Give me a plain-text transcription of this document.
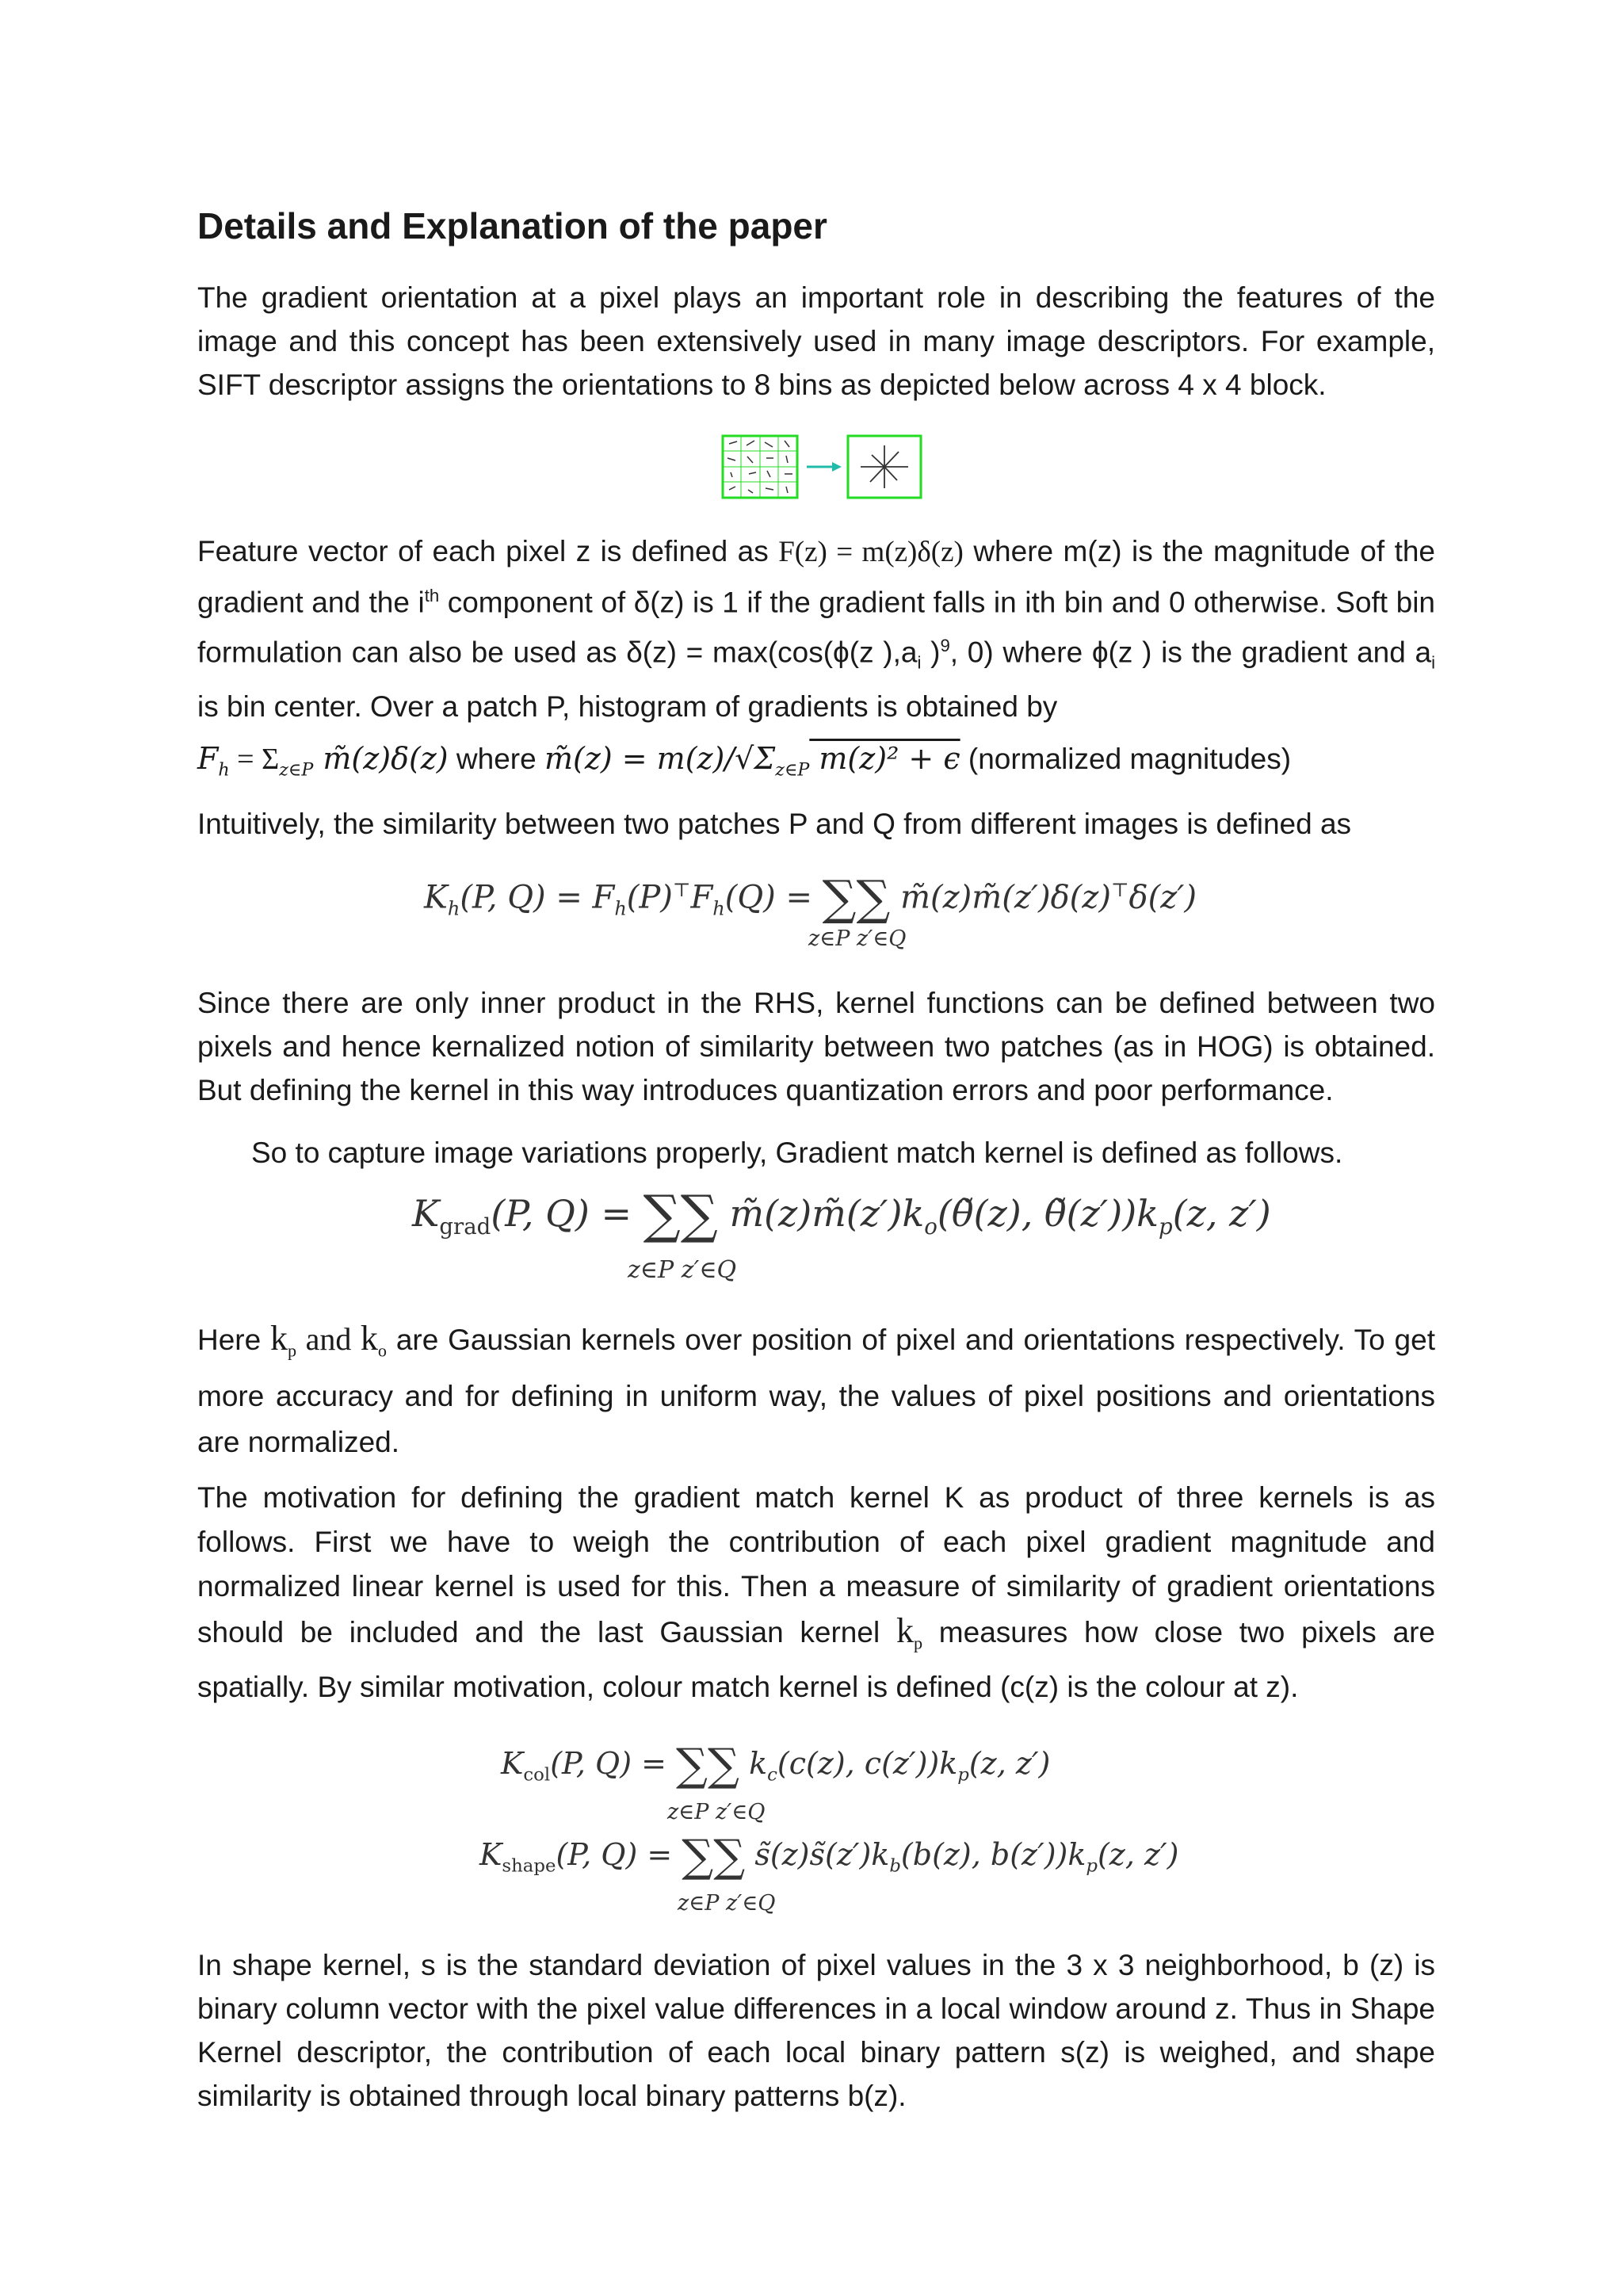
Details and Explanation of the paper

The gradient orientation at a pixel plays an important role in describing the features of the image and this concept has been extensively used in many image descriptors. For example, SIFT descriptor assigns the orientations to 8 bins as depicted below across 4 x 4 block.

Feature vector of each pixel z is defined as F(z) = m(z)δ(z) where m(z) is the magnitude of the gradient and the $i^{th}$ component of δ(z) is 1 if the gradient falls in ith bin and 0 otherwise. Soft bin formulation can also be used as δ(z) = max(cos(ϕ(z )$,a_i$ )$^9$, 0) where ϕ(z ) is the gradient and $a_i$ is bin center. Over a patch P, histogram of gradients is obtained by

$F_h = \Sigma_{z\in P}$ m̃(z)δ(z) where m̃(z) = $m(z)/√\Sigma_{z\in P}$ m(z)² + ϵ (normalized magnitudes)

Intuitively, the similarity between two patches P and Q from different images is defined as

$K_h(P$, $Q) = F_h(P)^⊤F_h(Q)$ = ∑∑ m̃(z)m̃(z′)δ(z)⊤δ(z′)
z∈P z′∈Q

Since there are only inner product in the RHS, kernel functions can be defined between two pixels and hence kernalized notion of similarity between two patches (as in HOG) is obtained. But defining the kernel in this way introduces quantization errors and poor performance.

So to capture image variations properly, Gradient match kernel is defined as follows.

$K_{grad}(P$, Q) = ∑∑ $m̃(z)m̃(z')k_o(\thetã(z)$, $\thetã(z'))k_p(z$, z′)
z∈P z′∈Q

Here $k_p$ and $k_o$ are Gaussian kernels over position of pixel and orientations respectively. To get more accuracy and for defining in uniform way, the values of pixel positions and orientations are normalized.

The motivation for defining the gradient match kernel K as product of three kernels is as follows. First we have to weigh the contribution of each pixel gradient magnitude and normalized linear kernel is used for this. Then a measure of similarity of gradient orientations should be included and the last Gaussian kernel $k_p$ measures how close two pixels are spatially. By similar motivation, colour match kernel is defined (c(z) is the colour at z).

$K_{col}(P$, Q) = ∑∑ $k_c(c(z)$, $c(z'))k_p(z$, z′)
z∈P z′∈Q
$K_{shape}(P$, Q) = ∑∑ $s̃(z)s̃(z')k_b(b(z)$, $b(z'))k_p(z$, z′)
z∈P z′∈Q

In shape kernel, s is the standard deviation of pixel values in the 3 x 3 neighborhood, b (z) is binary column vector with the pixel value differences in a local window around z. Thus in Shape Kernel descriptor, the contribution of each local binary pattern s(z) is weighed, and shape similarity is obtained through local binary patterns b(z).
